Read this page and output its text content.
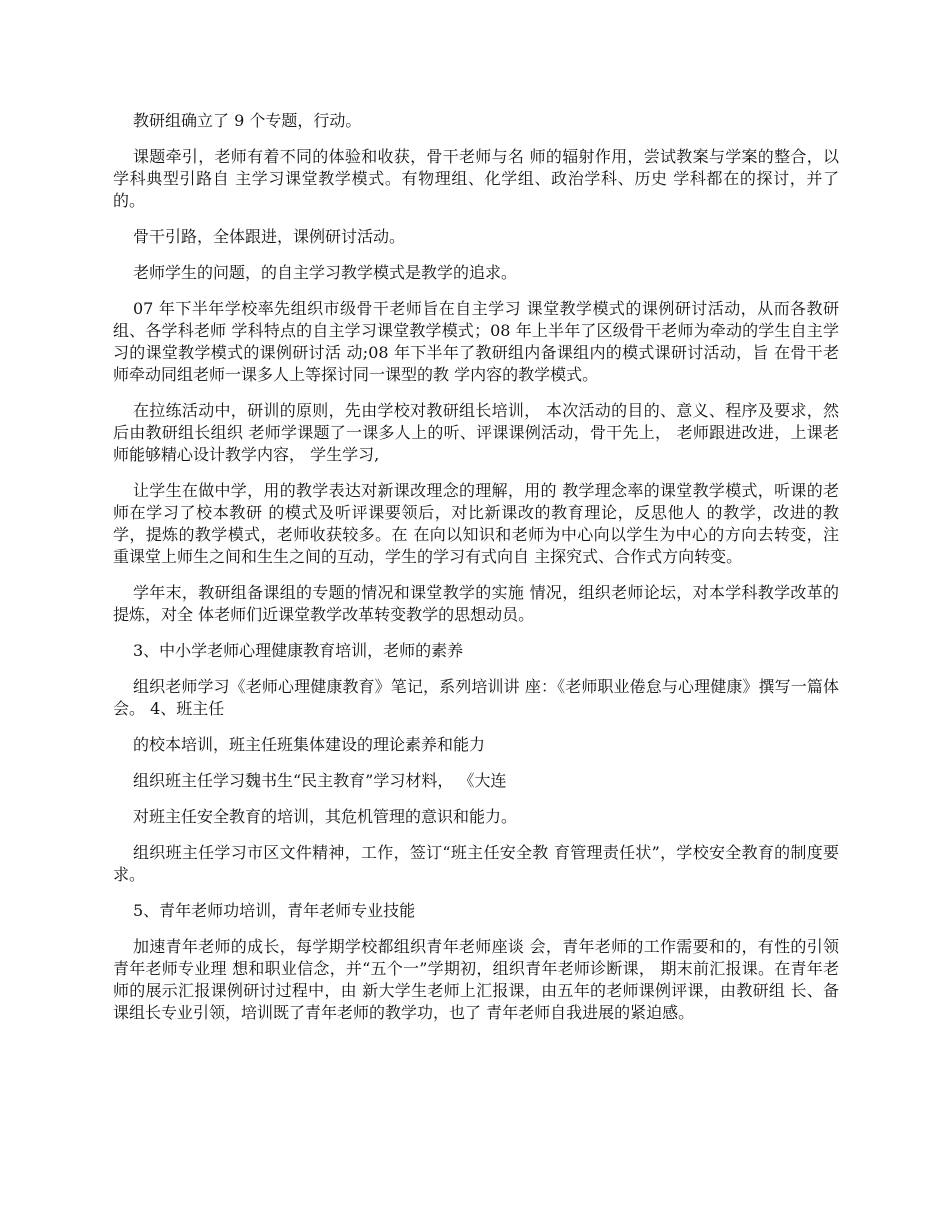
教研组确立了 9 个专题，行动。

课题牵引，老师有着不同的体验和收获，骨干老师与名 师的辐射作用，尝试教案与学案的整合，以学科典型引路自 主学习课堂教学模式。有物理组、化学组、政治学科、历史 学科都在的探讨，并了的。

骨干引路，全体跟进，课例研讨活动。

老师学生的问题，的自主学习教学模式是教学的追求。

07 年下半年学校率先组织市级骨干老师旨在自主学习 课堂教学模式的课例研讨活动，从而各教研组、各学科老师 学科特点的自主学习课堂教学模式；08 年上半年了区级骨干老师为牵动的学生自主学习的课堂教学模式的课例研讨活 动;08 年下半年了教研组内备课组内的模式课研讨活动，旨 在骨干老师牵动同组老师一课多人上等探讨同一课型的教 学内容的教学模式。

在拉练活动中，研训的原则，先由学校对教研组长培训， 本次活动的目的、意义、程序及要求，然后由教研组长组织 老师学课题了一课多人上的听、评课课例活动，骨干先上， 老师跟进改进，上课老师能够精心设计教学内容， 学生学习,

让学生在做中学，用的教学表达对新课改理念的理解，用的 教学理念率的课堂教学模式，听课的老师在学习了校本教研 的模式及听评课要领后，对比新课改的教育理论，反思他人 的教学，改进的教学，提炼的教学模式，老师收获较多。在 在向以知识和老师为中心向以学生为中心的方向去转变，注 重课堂上师生之间和生生之间的互动，学生的学习有式向自 主探究式、合作式方向转变。

学年末，教研组备课组的专题的情况和课堂教学的实施 情况，组织老师论坛，对本学科教学改革的提炼，对全 体老师们近课堂教学改革转变教学的思想动员。

3、中小学老师心理健康教育培训，老师的素养

组织老师学习《老师心理健康教育》笔记，系列培训讲 座：《老师职业倦怠与心理健康》撰写一篇体会。 4、班主任

的校本培训，班主任班集体建设的理论素养和能力

组织班主任学习魏书生“民主教育”学习材料， 《大连

对班主任安全教育的培训，其危机管理的意识和能力。

组织班主任学习市区文件精神，工作，签订“班主任安全教 育管理责任状”，学校安全教育的制度要求。

5、青年老师功培训，青年老师专业技能

加速青年老师的成长，每学期学校都组织青年老师座谈 会，青年老师的工作需要和的，有性的引领青年老师专业理 想和职业信念，并“五个一”学期初，组织青年老师诊断课， 期末前汇报课。在青年老师的展示汇报课例研讨过程中，由 新大学生老师上汇报课，由五年的老师课例评课，由教研组 长、备课组长专业引领，培训既了青年老师的教学功，也了 青年老师自我进展的紧迫感。
